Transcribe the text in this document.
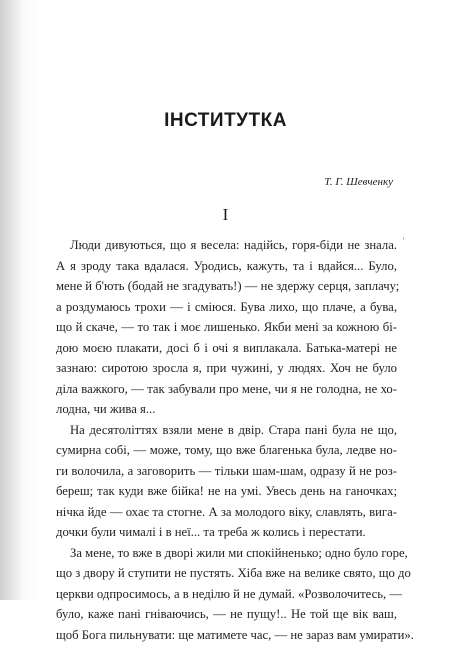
ІНСТИТУТКА
Т. Г. Шевченку
I
ʼ
Люди дивуються, що я весела: надійсь, горя-біди не знала.
А я зроду така вдалася. Уродись, кажуть, та і вдайся... Було,
мене й б'ють (бодай не згадувать!) — не здержу серця, заплачу;
а роздумаюсь трохи — і сміюся. Бува лихо, що плаче, а бува,
що й скаче, — то так і моє лишенько. Якби мені за кожною бі-
дою моєю плакати, досі б і очі я виплакала. Батька-матері не
зазнаю: сиротою зросла я, при чужині, у людях. Хоч не було
діла важкого, — так забували про мене, чи я не голодна, не хо-
лодна, чи жива я...
На десятоліттях взяли мене в двір. Стара пані була не що,
сумирна собі, — може, тому, що вже благенька була, ледве но-
ги волочила, а заговорить — тільки шам-шам, одразу й не роз-
береш; так куди вже бійка! не на умі. Увесь день на ганочках;
нічка йде — охає та стогне. А за молодого віку, славлять, вига-
дочки були чималі і в неї... та треба ж колись і перестати.
За мене, то вже в дворі жили ми спокійненько; одно було горе,
що з двору й ступити не пустять. Хіба вже на велике свято, що до
церкви одпросимось, а в неділю й не думай. «Розволочитесь, —
було, каже пані гніваючись, — не пущу!.. Не той ще вік ваш,
щоб Бога пильнувати: ще матимете час, — не зараз вам умирати».
